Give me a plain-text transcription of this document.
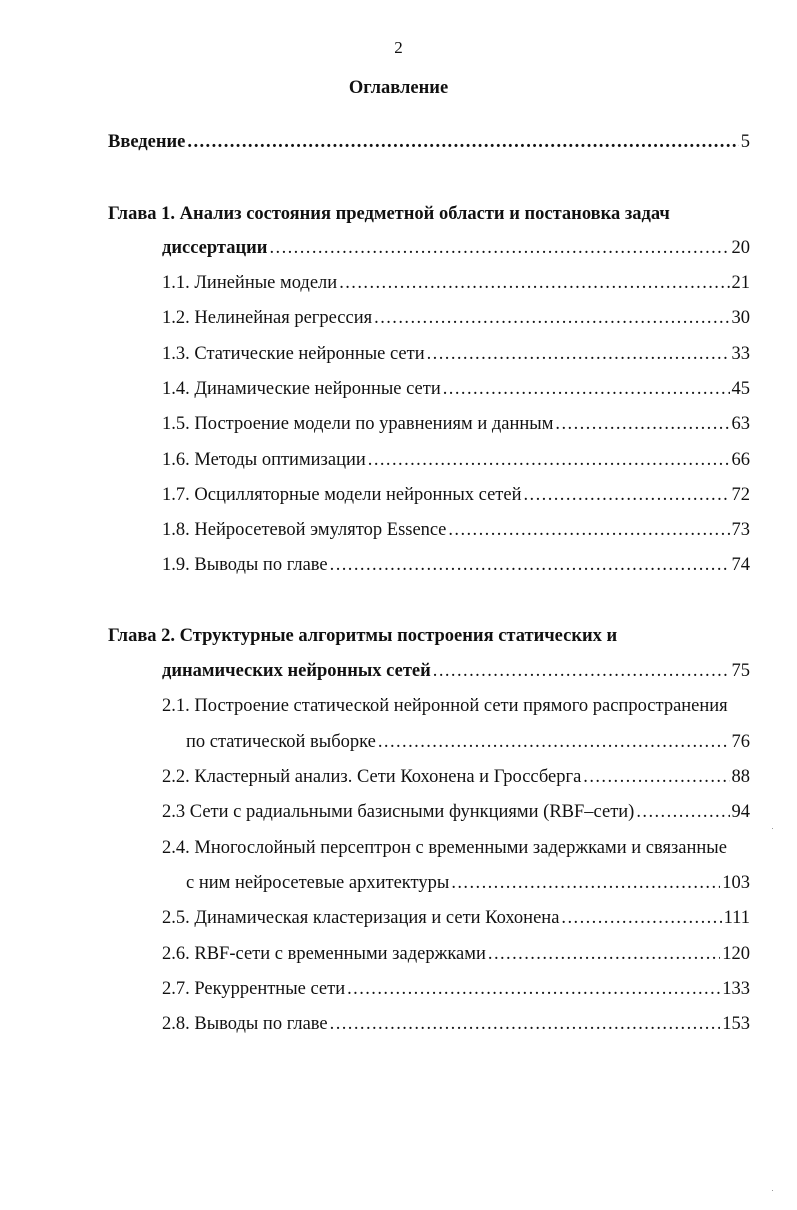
2
Оглавление
Введение . . .	5
Глава 1. Анализ состояния предметной области и постановка задач
диссертации . . .	20
1.1. Линейные модели . . .	21
1.2. Нелинейная регрессия . . .	30
1.3. Статические нейронные сети . . .	33
1.4. Динамические нейронные сети . . .	45
1.5. Построение модели по уравнениям и данным . . .	63
1.6. Методы оптимизации . . .	66
1.7. Осцилляторные модели нейронных сетей . . .	72
1.8. Нейросетевой эмулятор Essence . . .	73
1.9. Выводы по главе . . .	74
Глава 2. Структурные алгоритмы построения статических и
динамических нейронных сетей . . .	75
2.1. Построение статической нейронной сети прямого распространения
по статической выборке . . .	76
2.2. Кластерный анализ. Сети Кохонена и Гроссберга . . .	88
2.3 Сети с радиальными базисными функциями (RBF–сети) . . .	94
2.4. Многослойный персептрон с временными задержками и связанные
с ним нейросетевые архитектуры . . .	103
2.5. Динамическая кластеризация и сети Кохонена . . .	111
2.6. RBF-сети с временными задержками . . .	120
2.7. Рекуррентные сети . . .	133
2.8. Выводы по главе . . .	153
